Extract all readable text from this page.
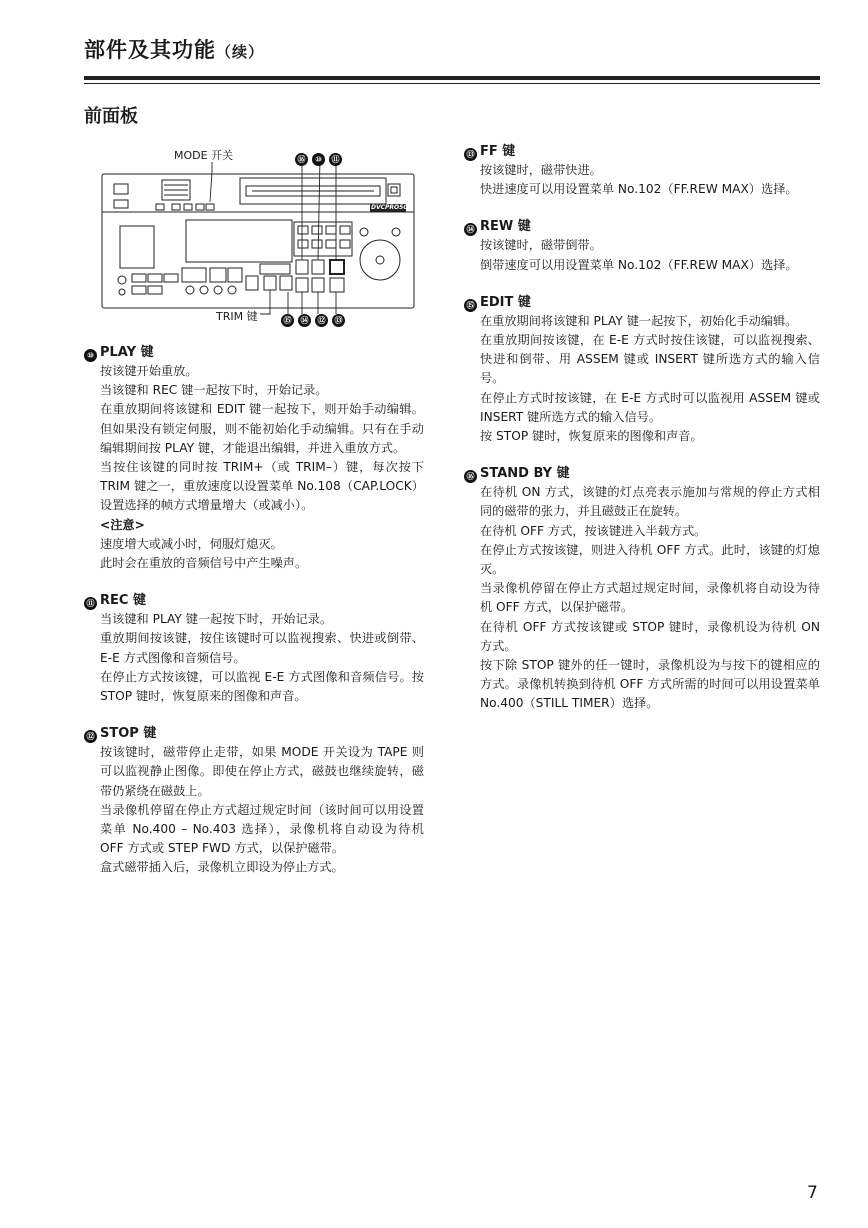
部件及其功能（续）
前面板
DVCPRO50
MODE 开关	⑯ ⑩ ⑪
TRIM 键	⑮ ⑭ ⑫ ⑬
⑩ PLAY 键

按该键开始重放。

当该键和 REC 键一起按下时，开始记录。

在重放期间将该键和 EDIT 键一起按下，则开始手动编辑。但如果没有锁定伺服，则不能初始化手动编辑。只有在手动编辑期间按 PLAY 键，才能退出编辑，并进入重放方式。

当按住该键的同时按 TRIM+（或 TRIM–）键，每次按下 TRIM 键之一，重放速度以设置菜单 No.108（CAP.LOCK）设置选择的帧方式增量增大（或减小）。

<注意>

速度增大或减小时，伺服灯熄灭。

此时会在重放的音频信号中产生噪声。

⑪ REC 键

当该键和 PLAY 键一起按下时，开始记录。

重放期间按该键，按住该键时可以监视搜索、快进或倒带、E-E 方式图像和音频信号。

在停止方式按该键，可以监视 E-E 方式图像和音频信号。按 STOP 键时，恢复原来的图像和声音。

⑫ STOP 键

按该键时，磁带停止走带，如果 MODE 开关设为 TAPE 则可以监视静止图像。即使在停止方式，磁鼓也继续旋转，磁带仍紧绕在磁鼓上。

当录像机停留在停止方式超过规定时间（该时间可以用设置菜单 No.400 – No.403 选择），录像机将自动设为待机 OFF 方式或 STEP FWD 方式，以保护磁带。

盒式磁带插入后，录像机立即设为停止方式。

⑬ FF 键

按该键时，磁带快进。

快进速度可以用设置菜单 No.102（FF.REW MAX）选择。

⑭ REW 键

按该键时，磁带倒带。

倒带速度可以用设置菜单 No.102（FF.REW MAX）选择。

⑮ EDIT 键

在重放期间将该键和 PLAY 键一起按下，初始化手动编辑。

在重放期间按该键，在 E-E 方式时按住该键，可以监视搜索、快进和倒带、用 ASSEM 键或 INSERT 键所选方式的输入信号。

在停止方式时按该键，在 E-E 方式时可以监视用 ASSEM 键或 INSERT 键所选方式的输入信号。

按 STOP 键时，恢复原来的图像和声音。

⑯ STAND BY 键

在待机 ON 方式，该键的灯点亮表示施加与常规的停止方式相同的磁带的张力，并且磁鼓正在旋转。

在待机 OFF 方式，按该键进入半载方式。

在停止方式按该键，则进入待机 OFF 方式。此时，该键的灯熄灭。

当录像机停留在停止方式超过规定时间，录像机将自动设为待机 OFF 方式，以保护磁带。

在待机 OFF 方式按该键或 STOP 键时，录像机设为待机 ON 方式。

按下除 STOP 键外的任一键时，录像机设为与按下的键相应的方式。录像机转换到待机 OFF 方式所需的时间可以用设置菜单 No.400（STILL TIMER）选择。

7
